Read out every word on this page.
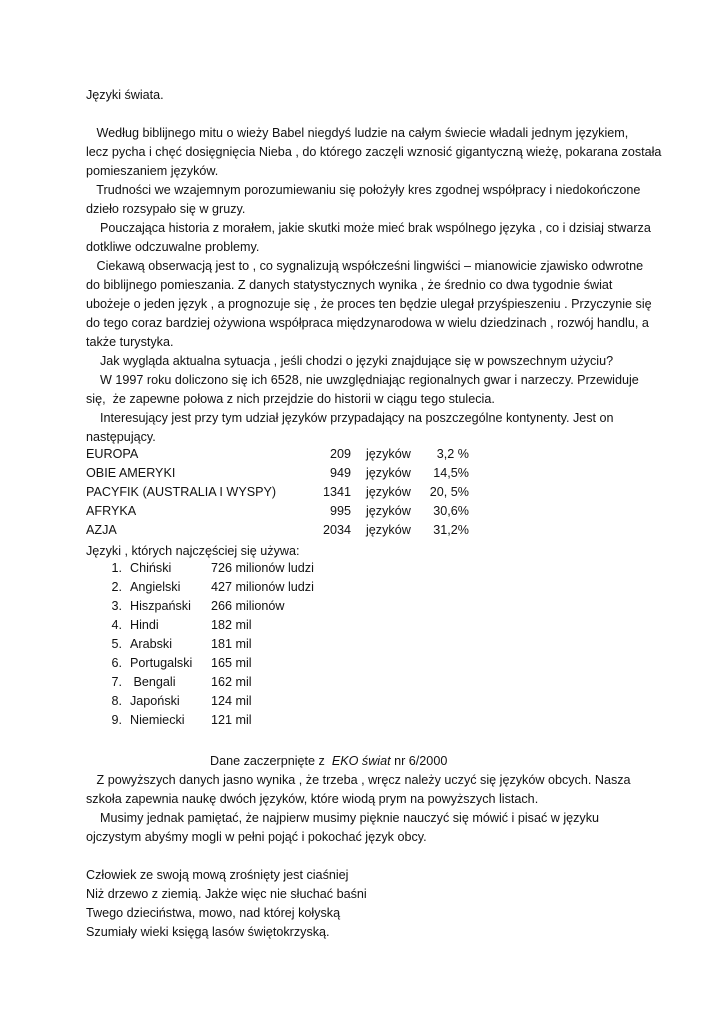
Języki świata.
Według biblijnego mitu o wieży Babel niegdyś ludzie na całym świecie władali jednym językiem,
lecz pycha i chęć dosięgnięcia Nieba , do którego zaczęli wznosić gigantyczną wieżę, pokarana została
pomieszaniem języków.
Trudności we wzajemnym porozumiewaniu się położyły kres zgodnej współpracy i niedokończone
dzieło rozsypało się w gruzy.
Pouczająca historia z morałem, jakie skutki może mieć brak wspólnego języka , co i dzisiaj stwarza
dotkliwe odczuwalne problemy.
Ciekawą obserwacją jest to , co sygnalizują współcześni lingwiści – mianowicie zjawisko odwrotne
do biblijnego pomieszania. Z danych statystycznych wynika , że średnio co dwa tygodnie świat
ubożeje o jeden język , a prognozuje się , że proces ten będzie ulegał przyśpieszeniu . Przyczynie się
do tego coraz bardziej ożywiona współpraca międzynarodowa w wielu dziedzinach , rozwój handlu, a
także turystyka.
Jak wygląda aktualna sytuacja , jeśli chodzi o języki znajdujące się w powszechnym użyciu?
W 1997 roku doliczono się ich 6528, nie uwzględniając regionalnych gwar i narzeczy. Przewiduje
się,  że zapewne połowa z nich przejdzie do historii w ciągu tego stulecia.
Interesujący jest przy tym udział języków przypadający na poszczególne kontynenty. Jest on
następujący.
EUROPA	209 języków	3,2 %
OBIE AMERYKI	949 języków	14,5%
PACYFIK (AUSTRALIA I WYSPY)	1341 języków	20, 5%
AFRYKA	995 języków	30,6%
AZJA	2034 języków	31,2%
Języki , których najczęściej się używa:
1. Chiński	726 milionów ludzi
2. Angielski 427 milionów ludzi
3. Hiszpański 266 milionów
4. Hindi	182 mil
5. Arabski	181 mil
6. Portugalski 165 mil
7. Bengali	162 mil
8. Japoński 124 mil
9. Niemiecki 121 mil
Dane zaczerpnięte z  EKO świat nr 6/2000
Z powyższych danych jasno wynika , że trzeba , wręcz należy uczyć się języków obcych. Nasza
szkoła zapewnia naukę dwóch języków, które wiodą prym na powyższych listach.
Musimy jednak pamiętać, że najpierw musimy pięknie nauczyć się mówić i pisać w języku
ojczystym abyśmy mogli w pełni pojąć i pokochać język obcy.
Człowiek ze swoją mową zrośnięty jest ciaśniej
Niż drzewo z ziemią. Jakże więc nie słuchać baśni
Twego dzieciństwa, mowo, nad której kołyską
Szumiały wieki księgą lasów świętokrzyską.
